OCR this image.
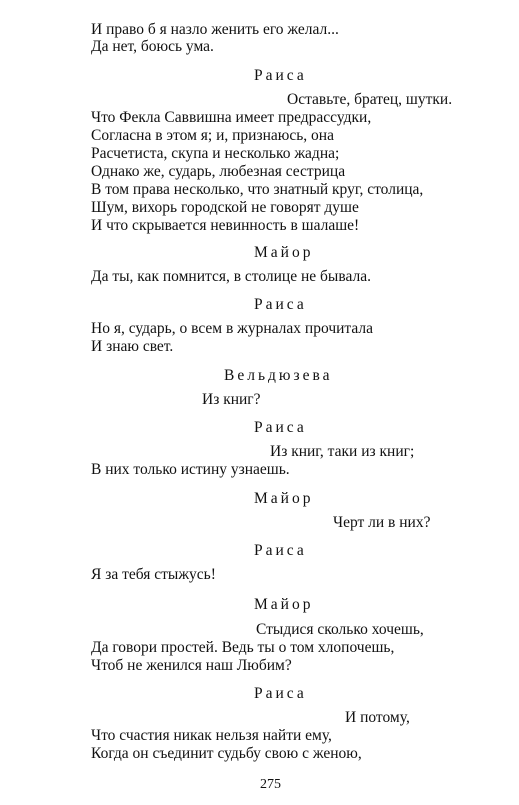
И право б я назло женить его желал...
Да нет, боюсь ума.
Раиса
Оставьте, братец, шутки.
Что Фекла Саввишна имеет предрассудки,
Согласна в этом я; и, признаюсь, она
Расчетиста, скупа и несколько жадна;
Однако же, сударь, любезная сестрица
В том права несколько, что знатный круг, столица,
Шум, вихорь городской не говорят душе
И что скрывается невинность в шалаше!
Майор
Да ты, как помнится, в столице не бывала.
Раиса
Но я, сударь, о всем в журналах прочитала
И знаю свет.
Вельдюзева
Из книг?
Раиса
Из книг, таки из книг;
В них только истину узнаешь.
Майор
Черт ли в них?
Раиса
Я за тебя стыжусь!
Майор
Стыдися сколько хочешь,
Да говори простей. Ведь ты о том хлопочешь,
Чтоб не женился наш Любим?
Раиса
И потому,
Что счастия никак нельзя найти ему,
Когда он съединит судьбу свою с женою,
275
